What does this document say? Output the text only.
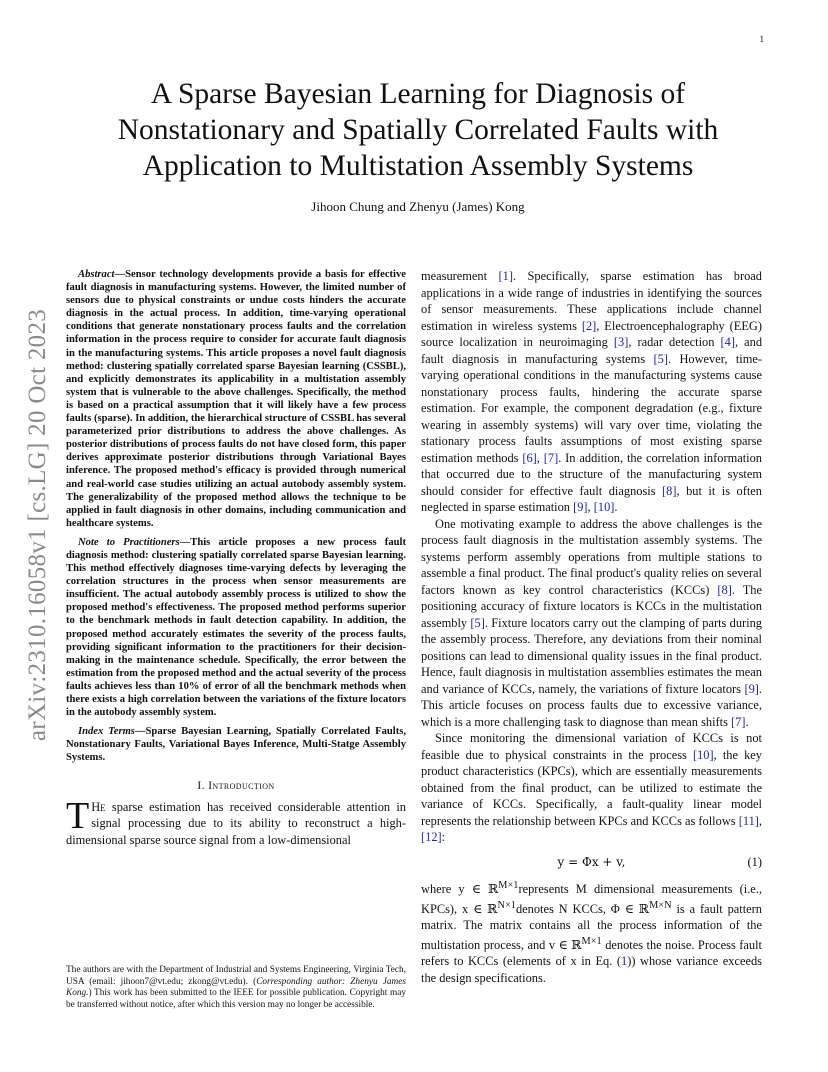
1
arXiv:2310.16058v1 [cs.LG] 20 Oct 2023
A Sparse Bayesian Learning for Diagnosis of Nonstationary and Spatially Correlated Faults with Application to Multistation Assembly Systems
Jihoon Chung and Zhenyu (James) Kong

Abstract—Sensor technology developments provide a basis for effective fault diagnosis in manufacturing systems. However, the limited number of sensors due to physical constraints or undue costs hinders the accurate diagnosis in the actual process. In addition, time-varying operational conditions that generate nonstationary process faults and the correlation information in the process require to consider for accurate fault diagnosis in the manufacturing systems. This article proposes a novel fault diagnosis method: clustering spatially correlated sparse Bayesian learning (CSSBL), and explicitly demonstrates its applicability in a multistation assembly system that is vulnerable to the above challenges. Specifically, the method is based on a practical assumption that it will likely have a few process faults (sparse). In addition, the hierarchical structure of CSSBL has several parameterized prior distributions to address the above challenges. As posterior distributions of process faults do not have closed form, this paper derives approximate posterior distributions through Variational Bayes inference. The proposed method's efficacy is provided through numerical and real-world case studies utilizing an actual autobody assembly system. The generalizability of the proposed method allows the technique to be applied in fault diagnosis in other domains, including communication and healthcare systems.

Note to Practitioners—This article proposes a new process fault diagnosis method: clustering spatially correlated sparse Bayesian learning. This method effectively diagnoses time-varying defects by leveraging the correlation structures in the process when sensor measurements are insufficient. The actual autobody assembly process is utilized to show the proposed method's effectiveness. The proposed method performs superior to the benchmark methods in fault detection capability. In addition, the proposed method accurately estimates the severity of the process faults, providing significant information to the practitioners for their decision-making in the maintenance schedule. Specifically, the error between the estimation from the proposed method and the actual severity of the process faults achieves less than 10% of error of all the benchmark methods when there exists a high correlation between the variations of the fixture locators in the autobody assembly system.

Index Terms—Sparse Bayesian Learning, Spatially Correlated Faults, Nonstationary Faults, Variational Bayes Inference, Multi-Statge Assembly Systems.

I. Introduction

T He sparse estimation has received considerable attention in signal processing due to its ability to reconstruct a high-dimensional sparse source signal from a low-dimensional

The authors are with the Department of Industrial and Systems Engineering, Virginia Tech, USA (email: jihoon7@vt.edu; zkong@vt.edu). (Corresponding author: Zhenyu James Kong.) This work has been submitted to the IEEE for possible publication. Copyright may be transferred without notice, after which this version may no longer be accessible.

measurement [1]. Specifically, sparse estimation has broad applications in a wide range of industries in identifying the sources of sensor measurements. These applications include channel estimation in wireless systems [2], Electroencephalography (EEG) source localization in neuroimaging [3], radar detection [4], and fault diagnosis in manufacturing systems [5]. However, time-varying operational conditions in the manufacturing systems cause nonstationary process faults, hindering the accurate sparse estimation. For example, the component degradation (e.g., fixture wearing in assembly systems) will vary over time, violating the stationary process faults assumptions of most existing sparse estimation methods [6], [7]. In addition, the correlation information that occurred due to the structure of the manufacturing system should consider for effective fault diagnosis [8], but it is often neglected in sparse estimation [9], [10].

One motivating example to address the above challenges is the process fault diagnosis in the multistation assembly systems. The systems perform assembly operations from multiple stations to assemble a final product. The final product's quality relies on several factors known as key control characteristics (KCCs) [8]. The positioning accuracy of fixture locators is KCCs in the multistation assembly [5]. Fixture locators carry out the clamping of parts during the assembly process. Therefore, any deviations from their nominal positions can lead to dimensional quality issues in the final product. Hence, fault diagnosis in multistation assemblies estimates the mean and variance of KCCs, namely, the variations of fixture locators [9]. This article focuses on process faults due to excessive variance, which is a more challenging task to diagnose than mean shifts [7].

Since monitoring the dimensional variation of KCCs is not feasible due to physical constraints in the process [10], the key product characteristics (KPCs), which are essentially measurements obtained from the final product, can be utilized to estimate the variance of KCCs. Specifically, a fault-quality linear model represents the relationship between KPCs and KCCs as follows [11], [12]:

y = Φx + v,	(1)

where y ∈ ℝ$^{M\times 1}$represents M dimensional measurements (i.e., KPCs), x ∈ ℝ$^{N\times 1}$denotes N KCCs, Φ ∈ ℝ$^{M\times N}$ is a fault pattern matrix. The matrix contains all the process information of the multistation process, and v ∈ ℝ$^{M\times 1}$ denotes the noise. Process fault refers to KCCs (elements of x in Eq. (1)) whose variance exceeds the design specifications.
